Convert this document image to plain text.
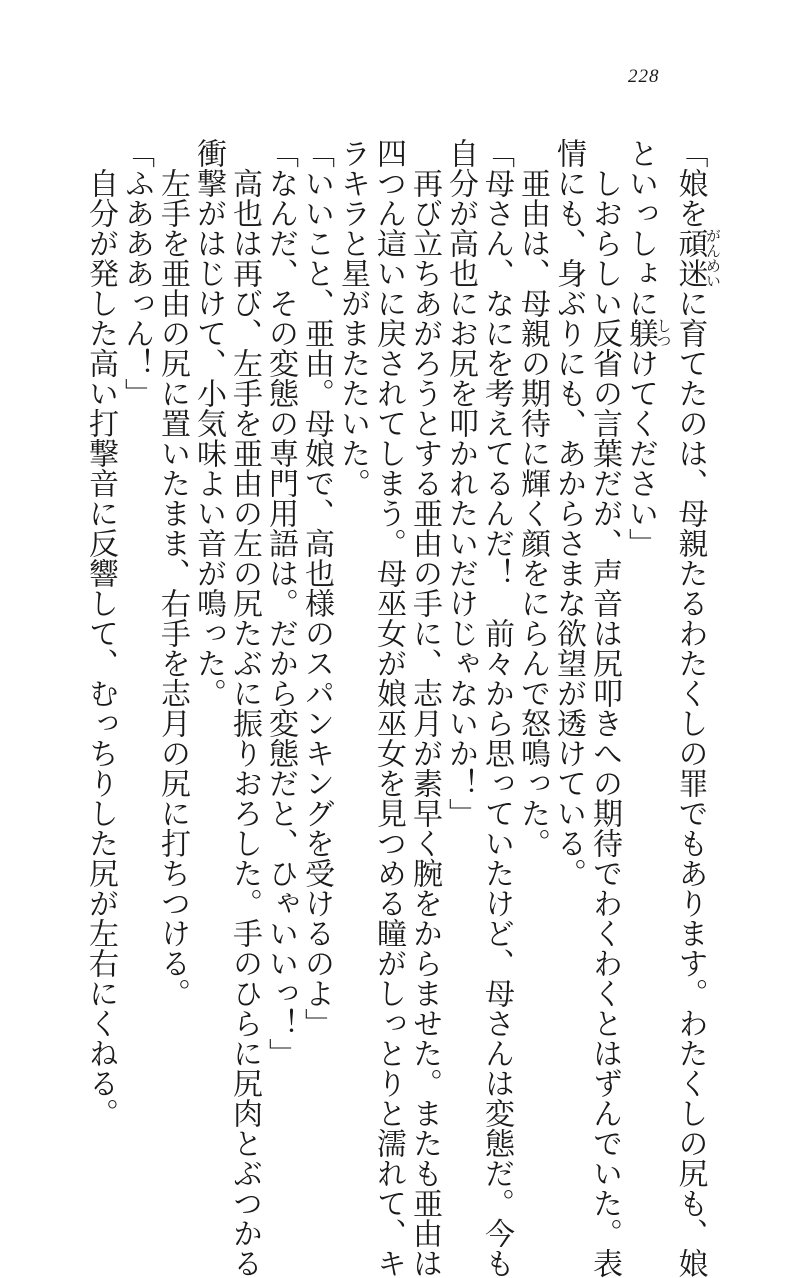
228

「娘を頑迷がんめいに育てたのは、母親たるわたくしの罪でもあります。わたくしの尻も、娘

といっしょに躾しつけてください」

しおらしい反省の言葉だが、声音は尻叩きへの期待でわくわくとはずんでいた。表

情にも、身ぶりにも、あからさまな欲望が透けている。

亜由は、母親の期待に輝く顔をにらんで怒鳴った。

「母さん、なにを考えてるんだ！　前々から思っていたけど、母さんは変態だ。今も

自分が高也にお尻を叩かれたいだけじゃないか！」

再び立ちあがろうとする亜由の手に、志月が素早く腕をからませた。またも亜由は

四つん這いに戻されてしまう。母巫女が娘巫女を見つめる瞳がしっとりと濡れて、キ

ラキラと星がまたたいた。

「いいこと、亜由。母娘で、高也様のスパンキングを受けるのよ」

「なんだ、その変態の専門用語は。だから変態だと、ひゃいいっ！」

高也は再び、左手を亜由の左の尻たぶに振りおろした。手のひらに尻肉とぶつかる

衝撃がはじけて、小気味よい音が鳴った。

左手を亜由の尻に置いたまま、右手を志月の尻に打ちつける。

「ふあああっん！」

自分が発した高い打撃音に反響して、むっちりした尻が左右にくねる。
